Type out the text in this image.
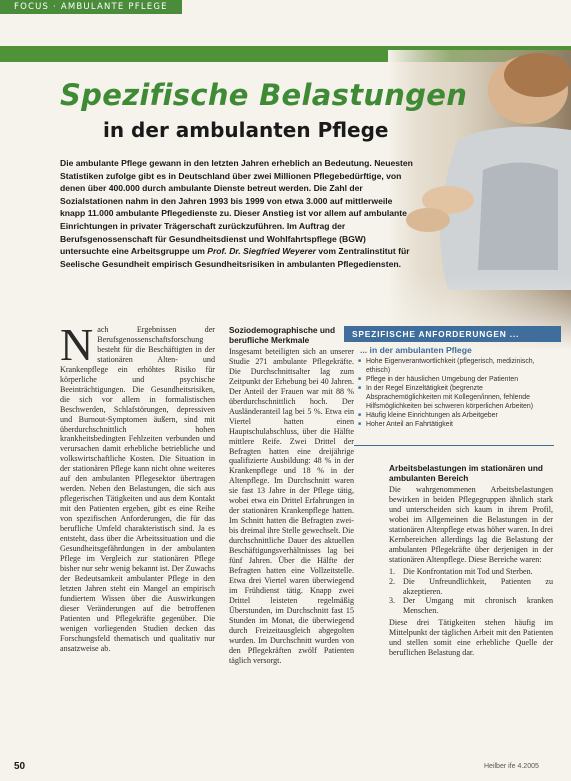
FOCUS · AMBULANTE PFLEGE
Spezifische Belastungen
in der ambulanten Pflege
Die ambulante Pflege gewann in den letzten Jahren erheblich an Bedeutung. Neuesten Statistiken zufolge gibt es in Deutschland über zwei Millionen Pflegebedürftige, von denen über 400.000 durch ambulante Dienste betreut werden. Die Zahl der Sozialstationen nahm in den Jahren 1993 bis 1999 von etwa 3.000 auf mittlerweile knapp 11.000 ambulante Pflegedienste zu. Dieser Anstieg ist vor allem auf ambulante Einrichtungen in privater Trägerschaft zurückzuführen. Im Auftrag der Berufsgenossenschaft für Gesundheitsdienst und Wohlfahrtspflege (BGW) untersuchte eine Arbeitsgruppe um Prof. Dr. Siegfried Weyerer vom Zentralinstitut für Seelische Gesundheit empirisch Gesundheitsrisiken in ambulanten Pflegediensten.
Nach Ergebnissen der Berufsgenossenschaftsforschung besteht für die Beschäftigten in der stationären Alten- und Krankenpflege ein erhöhtes Risiko für körperliche und psychische Beeinträchtigungen. Die Gesundheitsrisiken, die sich vor allem in formalistischen Beschwerden, Schlafstörungen, depressiven und Burnout-Symptomen äußern, sind mit überdurchschnittlich hohen krankheitsbedingten Fehlzeiten verbunden und verursachen damit erhebliche betriebliche und volkswirtschaftliche Kosten. Die Situation in der stationären Pflege kann nicht ohne weiteres auf den ambulanten Pflegesektor übertragen werden. Neben den Belastungen, die sich aus pflegerischen Tätigkeiten und aus dem Kontakt mit den Patienten ergeben, gibt es eine Reihe von spezifischen Anforderungen, die für das berufliche Umfeld charakteristisch sind. Ja es entsteht, dass über die Arbeitssituation und die Gesundheitsgefährdungen in der ambulanten Pflege im Vergleich zur stationären Pflege bisher nur sehr wenig bekannt ist. Der Zuwachs der Bedeutsamkeit ambulanter Pflege in den letzten Jahren steht ein Mangel an empirisch fundiertem Wissen über die Auswirkungen dieser Veränderungen auf die betroffenen Patienten und Pflegekräfte gegenüber. Die wenigen vorliegenden Studien decken das Forschungsfeld thematisch und qualitativ nur ansatzweise ab.
Soziodemographische und berufliche Merkmale
Insgesamt beteiligten sich an unserer Studie 271 ambulante Pflegekräfte. Die Durchschnittsalter lag zum Zeitpunkt der Erhebung bei 40 Jahren. Der Anteil der Frauen war mit 88 % überdurchschnittlich hoch. Der Ausländeranteil lag bei 5 %. Etwa ein Viertel hatten einen Hauptschulabschluss, über die Hälfte mittlere Reife. Zwei Drittel der Befragten hatten eine dreijährige qualifizierte Ausbildung: 48 % in der Krankenpflege und 18 % in der Altenpflege. Im Durchschnitt waren sie fast 13 Jahre in der Pflege tätig, wobei etwa ein Drittel Erfahrungen in der stationären Krankenpflege hatten. Im Schnitt hatten die Befragten zwei- bis dreimal ihre Stelle gewechselt. Die durchschnittliche Dauer des aktuellen Beschäftigungsverhältnisses lag bei fünf Jahren. Über die Hälfte der Befragten hatten eine Vollzeitstelle. Etwa drei Viertel waren überwiegend im Frühdienst tätig. Knapp zwei Drittel leisteten regelmäßig Überstunden, im Durchschnitt fast 15 Stunden im Monat, die überwiegend durch Freizeitausgleich abgegolten wurden. Im Durchschnitt wurden von den Pflegekräften zwölf Patienten täglich versorgt.
SPEZIFISCHE ANFORDERUNGEN ...
... in der ambulanten Pflege
■ Hohe Eigenverantwortlichkeit (pflegerisch, medizinisch, ethisch)
■ Pflege in der häuslichen Umgebung der Patienten
■ In der Regel Einzeltätigkeit (begrenzte Absprachemöglichkeiten mit Kollegen/innen, fehlende Hilfsmöglichkeiten bei schweren körperlichen Arbeiten)
■ Häufig kleine Einrichtungen als Arbeitgeber
■ Hoher Anteil an Fahrtätigkeit
Arbeitsbelastungen im stationären und ambulanten Bereich
Die wahrgenommenen Arbeitsbelastungen bewirken in beiden Pflegegruppen ähnlich stark und unterscheiden sich kaum in ihrem Profil, wobei im Allgemeinen die Belastungen in der stationären Altenpflege etwas höher waren. In drei Kernbereichen allerdings lag die Belastung der ambulanten Pflegekräfte über derjenigen in der stationären Altenpflege. Diese Bereiche waren:
1. Die Konfrontation mit Tod und Sterben.
2. Die Unfreundlichkeit, Patienten zu akzeptieren.
3. Der Umgang mit chronisch kranken Menschen.
Diese drei Tätigkeiten stehen häufig im Mittelpunkt der täglichen Arbeit mit den Patienten und stellen somit eine erhebliche Quelle der beruflichen Belastung dar.
50	Heilber ife 4.2005
